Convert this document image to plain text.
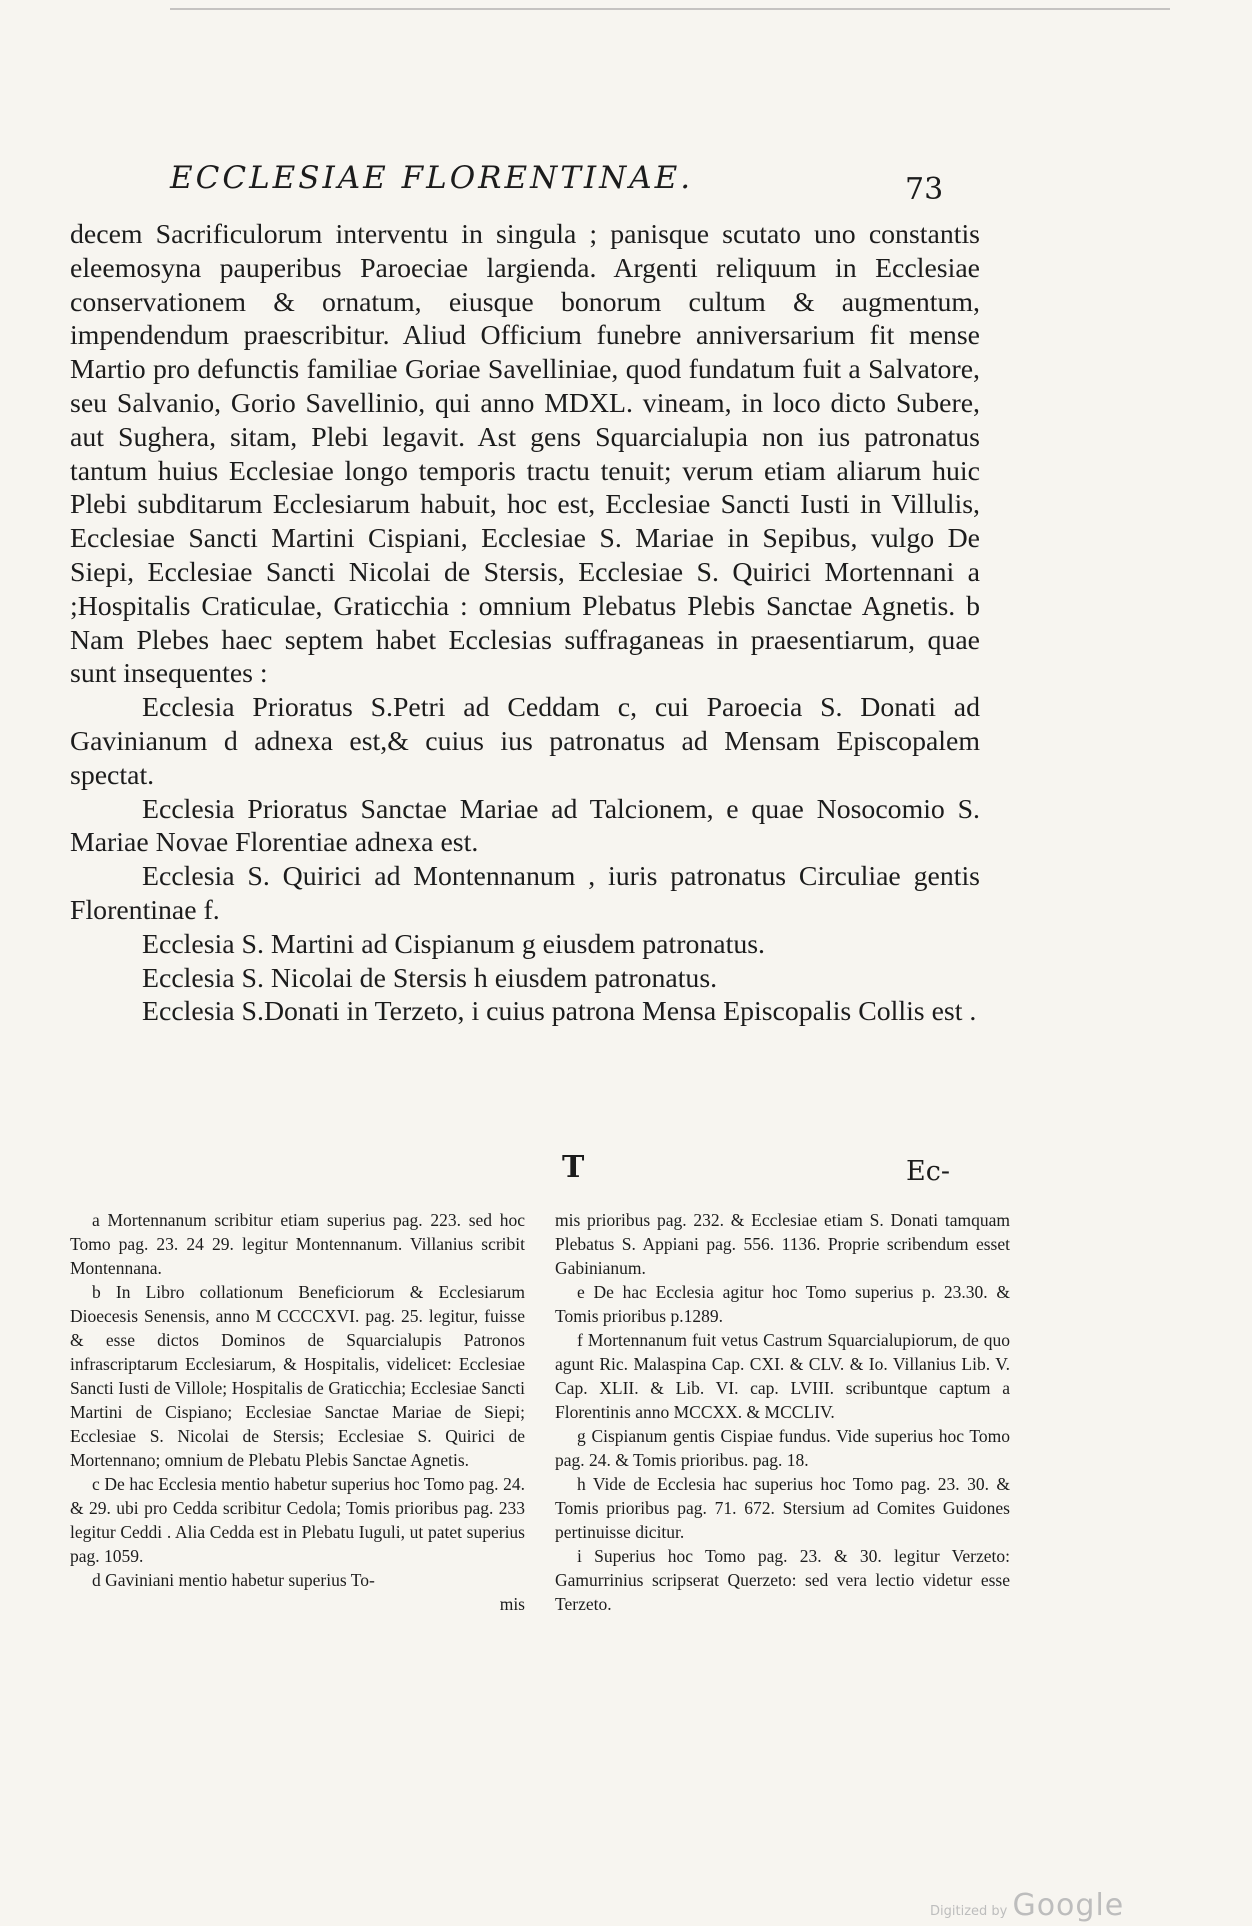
ECCLESIAE FLORENTINAE.	73

decem Sacrificulorum interventu in singula ; panisque scutato uno constantis eleemosyna pauperibus Paroeciae largienda. Argenti reliquum in Ecclesiae conservationem & ornatum, eiusque bonorum cultum & augmentum, impendendum praescribitur. Aliud Officium funebre anniversarium fit mense Martio pro defunctis familiae Goriae Savelliniae, quod fundatum fuit a Salvatore, seu Salvanio, Gorio Savellinio, qui anno MDXL. vineam, in loco dicto Subere, aut Sughera, sitam, Plebi legavit. Ast gens Squarcialupia non ius patronatus tantum huius Ecclesiae longo temporis tractu tenuit; verum etiam aliarum huic Plebi subditarum Ecclesiarum habuit, hoc est, Ecclesiae Sancti Iusti in Villulis, Ecclesiae Sancti Martini Cispiani, Ecclesiae S. Mariae in Sepibus, vulgo De Siepi, Ecclesiae Sancti Nicolai de Stersis, Ecclesiae S. Quirici Mortennani a ;Hospitalis Craticulae, Graticchia : omnium Plebatus Plebis Sanctae Agnetis. b Nam Plebes haec septem habet Ecclesias suffraganeas in praesentiarum, quae sunt insequentes :

Ecclesia Prioratus S.Petri ad Ceddam c, cui Paroecia S. Donati ad Gavinianum d adnexa est,& cuius ius patronatus ad Mensam Episcopalem spectat.

Ecclesia Prioratus Sanctae Mariae ad Talcionem, e quae Nosocomio S. Mariae Novae Florentiae adnexa est.

Ecclesia S. Quirici ad Montennanum , iuris patronatus Circuliae gentis Florentinae f.

Ecclesia S. Martini ad Cispianum g eiusdem patronatus.

Ecclesia S. Nicolai de Stersis h eiusdem patronatus.

Ecclesia S.Donati in Terzeto, i cuius patrona Mensa Episcopalis Collis est .

T	Ec-

a Mortennanum scribitur etiam superius pag. 223. sed hoc Tomo pag. 23. 24 29. legitur Montennanum. Villanius scribit Montennana.

b In Libro collationum Beneficiorum & Ecclesiarum Dioecesis Senensis, anno M CCCCXVI. pag. 25. legitur, fuisse & esse dictos Dominos de Squarcialupis Patronos infrascriptarum Ecclesiarum, & Hospitalis, videlicet: Ecclesiae Sancti Iusti de Villole; Hospitalis de Graticchia; Ecclesiae Sancti Martini de Cispiano; Ecclesiae Sanctae Mariae de Siepi; Ecclesiae S. Nicolai de Stersis; Ecclesiae S. Quirici de Mortennano; omnium de Plebatu Plebis Sanctae Agnetis.

c De hac Ecclesia mentio habetur superius hoc Tomo pag. 24. & 29. ubi pro Cedda scribitur Cedola; Tomis prioribus pag. 233 legitur Ceddi . Alia Cedda est in Plebatu Iuguli, ut patet superius pag. 1059.

d Gaviniani mentio habetur superius To-

mis

mis prioribus pag. 232. & Ecclesiae etiam S. Donati tamquam Plebatus S. Appiani pag. 556. 1136. Proprie scribendum esset Gabinianum.

e De hac Ecclesia agitur hoc Tomo superius p. 23.30. & Tomis prioribus p.1289.

f Mortennanum fuit vetus Castrum Squarcialupiorum, de quo agunt Ric. Malaspina Cap. CXI. & CLV. & Io. Villanius Lib. V. Cap. XLII. & Lib. VI. cap. LVIII. scribuntque captum a Florentinis anno MCCXX. & MCCLIV.

g Cispianum gentis Cispiae fundus. Vide superius hoc Tomo pag. 24. & Tomis prioribus. pag. 18.

h Vide de Ecclesia hac superius hoc Tomo pag. 23. 30. & Tomis prioribus pag. 71. 672. Stersium ad Comites Guidones pertinuisse dicitur.

i Superius hoc Tomo pag. 23. & 30. legitur Verzeto: Gamurrinius scripserat Querzeto: sed vera lectio videtur esse Terzeto.

Digitized by Google
